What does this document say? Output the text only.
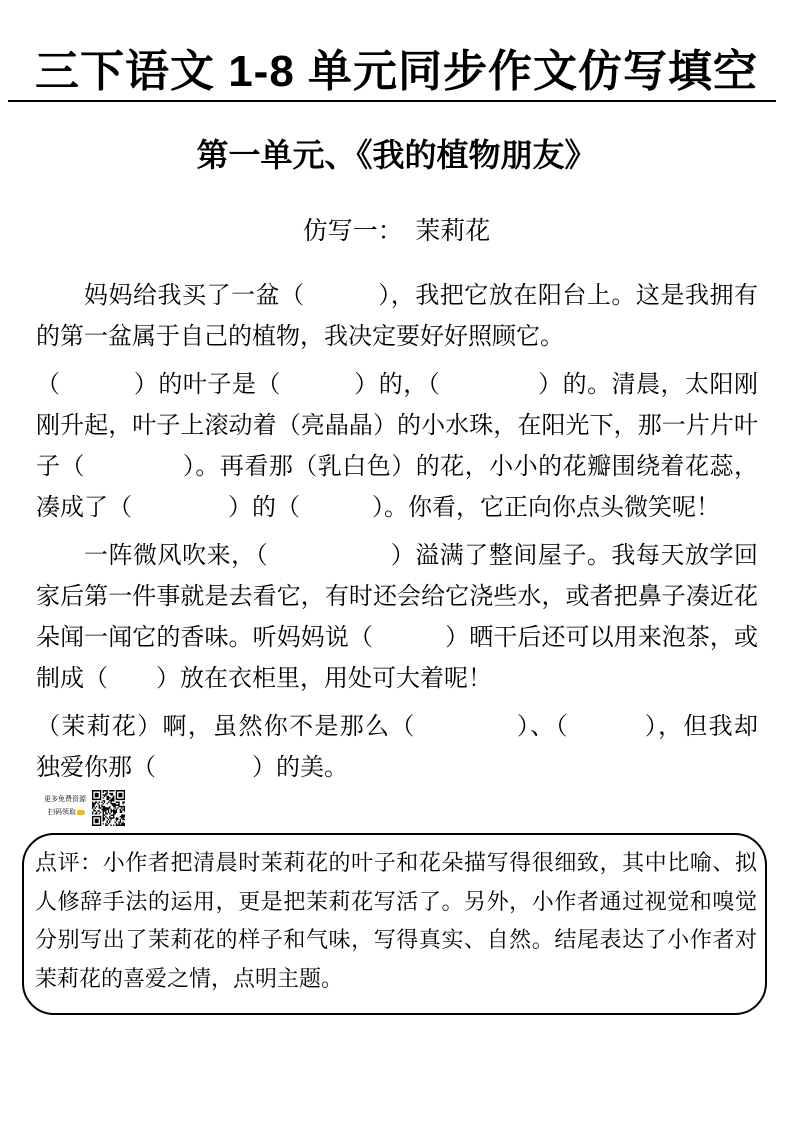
三下语文 1-8 单元同步作文仿写填空
第一单元、《我的植物朋友》
仿写一：　茉莉花
妈妈给我买了一盆（　　　），我把它放在阳台上。这是我拥有
的第一盆属于自己的植物，我决定要好好照顾它。
（　　　）的叶子是（　　　）的，（　　　　）的。清晨，太阳刚
刚升起，叶子上滚动着（亮晶晶）的小水珠，在阳光下，那一片片叶
子（　　　　）。再看那（乳白色）的花，小小的花瓣围绕着花蕊，
凑成了（　　　　）的（　　　）。你看，它正向你点头微笑呢！
一阵微风吹来，（　　　　　）溢满了整间屋子。我每天放学回
家后第一件事就是去看它，有时还会给它浇些水，或者把鼻子凑近花
朵闻一闻它的香味。听妈妈说（　　　）晒干后还可以用来泡茶，或
制成（　　）放在衣柜里，用处可大着呢！
（茉莉花）啊，虽然你不是那么（　　　　）、（　　　），但我却
独爱你那（　　　　）的美。
更多免费资源
扫码领取
点评：小作者把清晨时茉莉花的叶子和花朵描写得很细致，其中比喻、拟
人修辞手法的运用，更是把茉莉花写活了。另外，小作者通过视觉和嗅觉
分别写出了茉莉花的样子和气味，写得真实、自然。结尾表达了小作者对
茉莉花的喜爱之情，点明主题。
